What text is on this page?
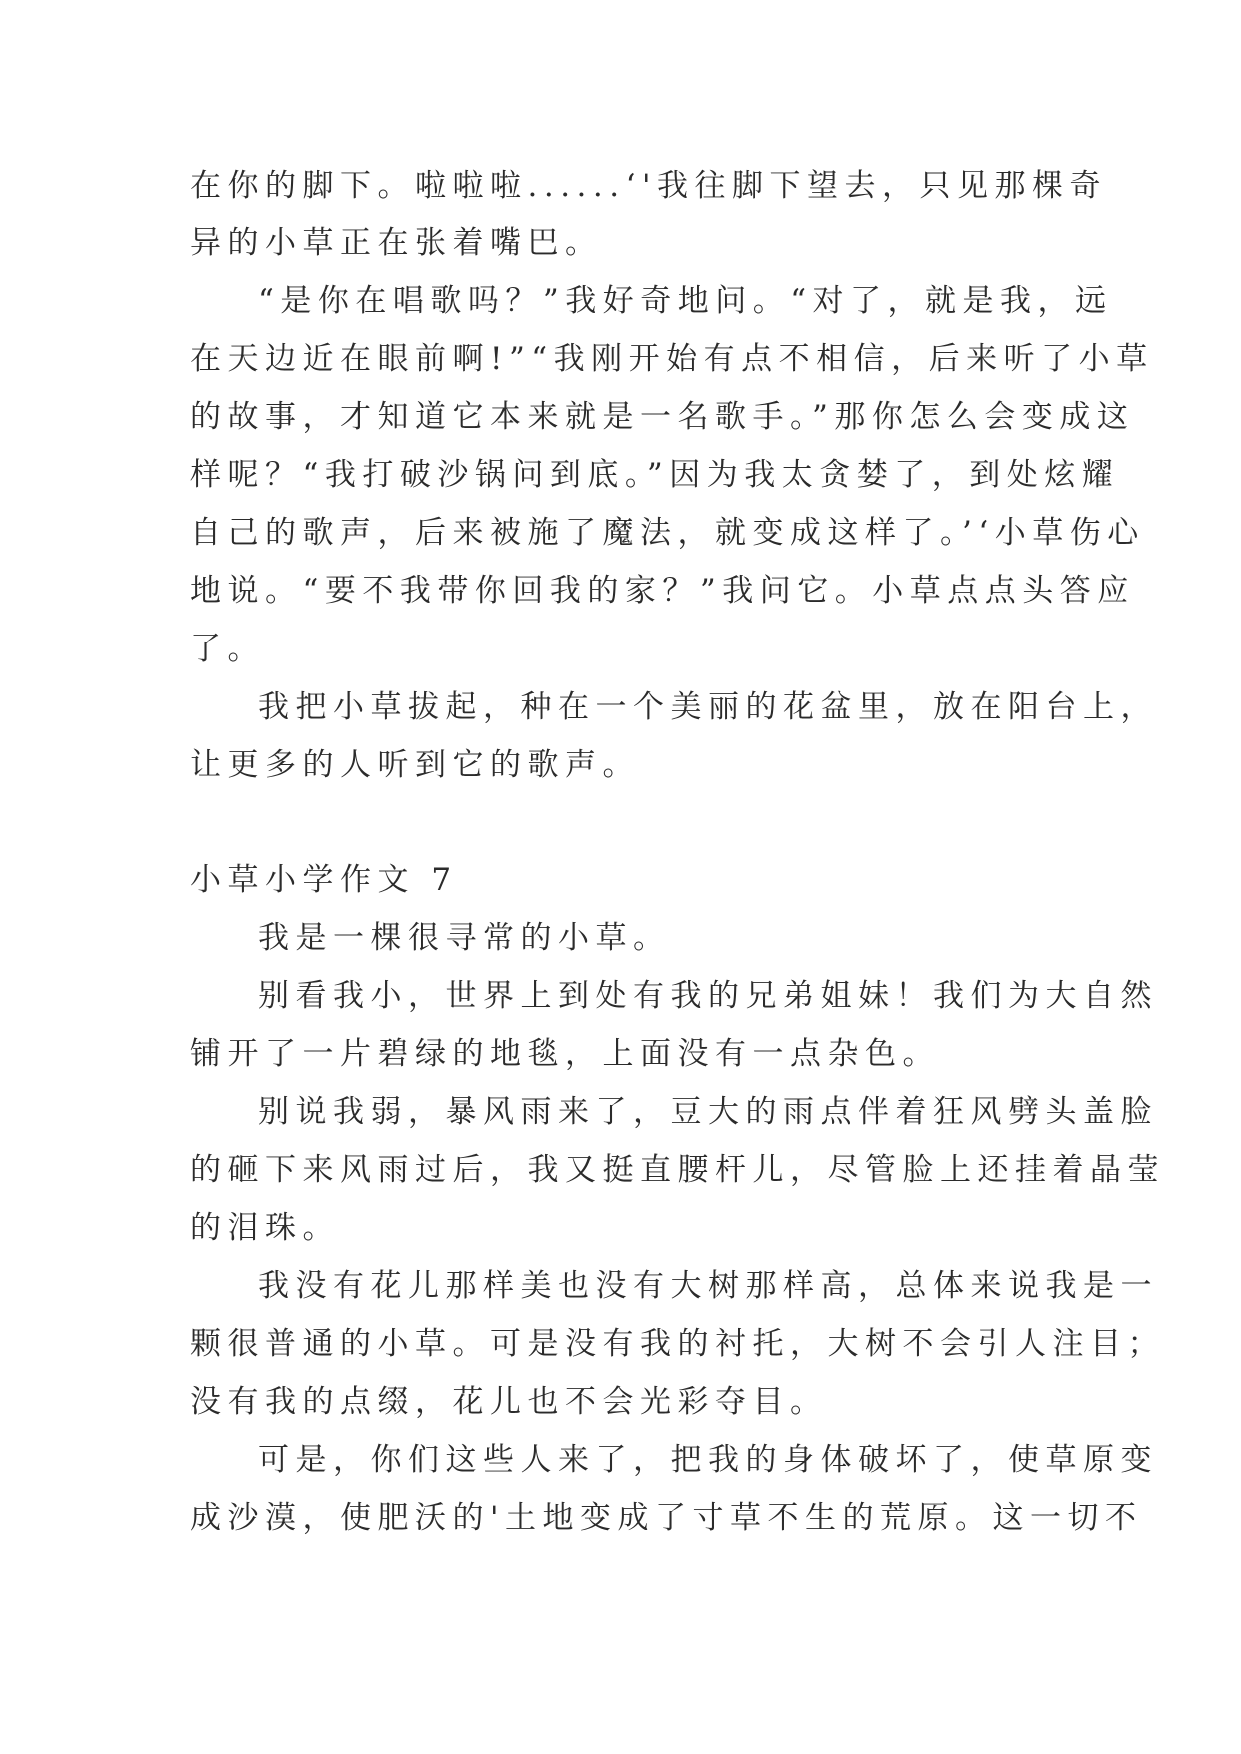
在你的脚下。啦啦啦......‘'我往脚下望去，只见那棵奇
异的小草正在张着嘴巴。
“是你在唱歌吗？”我好奇地问。“对了，就是我，远
在天边近在眼前啊!”“我刚开始有点不相信，后来听了小草
的故事，才知道它本来就是一名歌手。”那你怎么会变成这
样呢？“我打破沙锅问到底。”因为我太贪婪了，到处炫耀
自己的歌声，后来被施了魔法，就变成这样了。’‘小草伤心
地说。“要不我带你回我的家？”我问它。小草点点头答应
了。
我把小草拔起，种在一个美丽的花盆里，放在阳台上，
让更多的人听到它的歌声。
小草小学作文 7
我是一棵很寻常的小草。
别看我小，世界上到处有我的兄弟姐妹！我们为大自然
铺开了一片碧绿的地毯，上面没有一点杂色。
别说我弱，暴风雨来了，豆大的雨点伴着狂风劈头盖脸
的砸下来风雨过后，我又挺直腰杆儿，尽管脸上还挂着晶莹
的泪珠。
我没有花儿那样美也没有大树那样高，总体来说我是一
颗很普通的小草。可是没有我的衬托，大树不会引人注目；
没有我的点缀，花儿也不会光彩夺目。
可是，你们这些人来了，把我的身体破坏了，使草原变
成沙漠，使肥沃的'土地变成了寸草不生的荒原。这一切不
